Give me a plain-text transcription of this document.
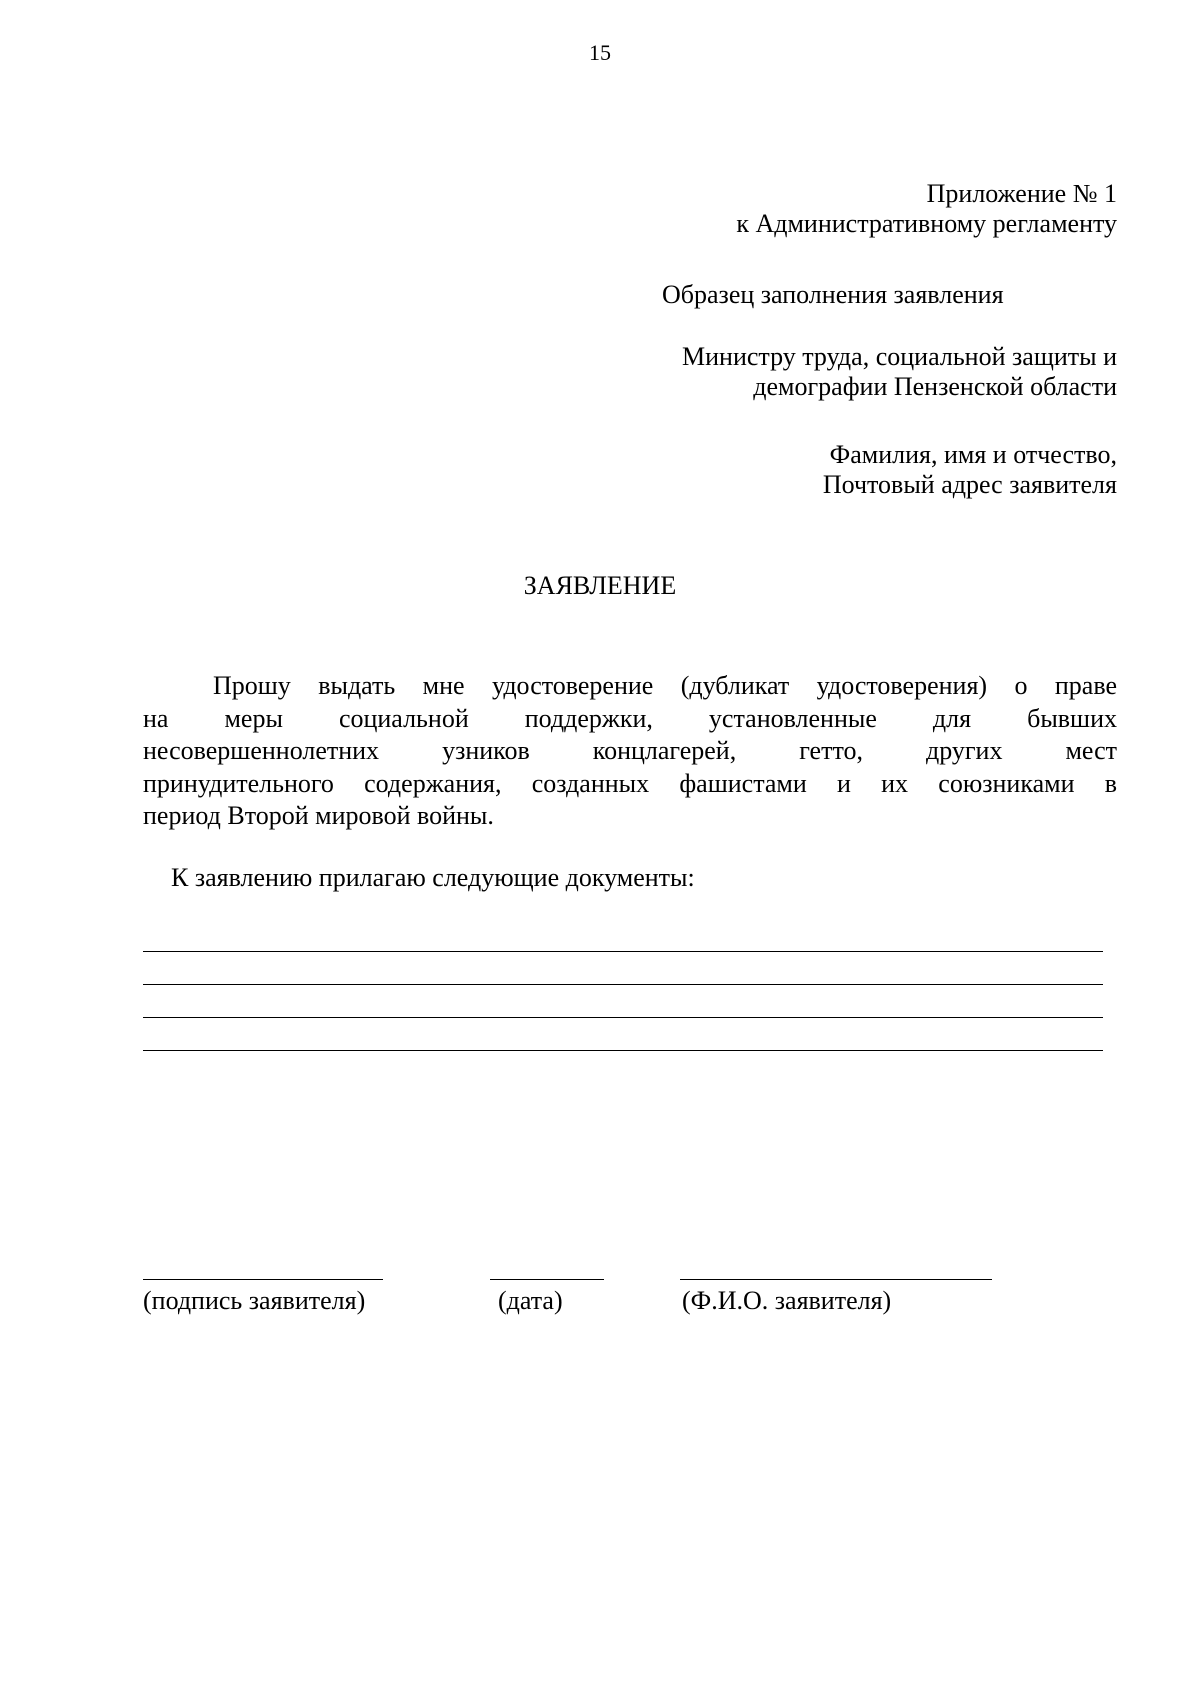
15
Приложение № 1
к Административному регламенту
Образец заполнения заявления
Министру труда, социальной защиты и
демографии Пензенской области
Фамилия, имя и отчество,
Почтовый адрес заявителя
ЗАЯВЛЕНИЕ
Прошу выдать мне удостоверение (дубликат удостоверения) о праве
на меры социальной поддержки, установленные для бывших
несовершеннолетних узников концлагерей, гетто, других мест
принудительного содержания, созданных фашистами и их союзниками в
период Второй мировой войны.
К заявлению прилагаю следующие документы:
(подпись заявителя)	(дата)	(Ф.И.О. заявителя)
